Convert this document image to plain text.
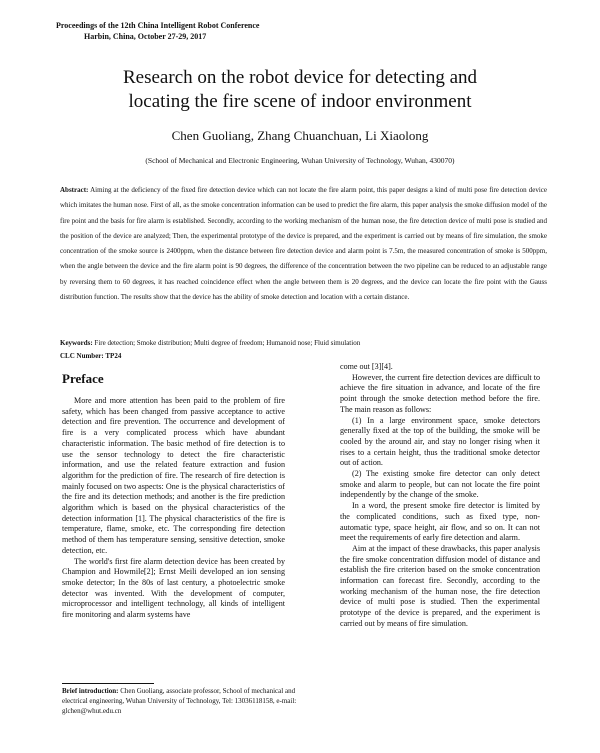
Proceedings of the 12th China Intelligent Robot Conference
Harbin, China, October 27-29, 2017
Research on the robot device for detecting and
locating the fire scene of indoor environment
Chen Guoliang, Zhang Chuanchuan, Li Xiaolong
(School of Mechanical and Electronic Engineering, Wuhan University of Technology, Wuhan, 430070)
Abstract: Aiming at the deficiency of the fixed fire detection device which can not locate the fire alarm point, this paper designs a kind of multi pose fire detection device which imitates the human nose. First of all, as the smoke concentration information can be used to predict the fire alarm, this paper analysis the smoke diffusion model of the fire point and the basis for fire alarm is established. Secondly, according to the working mechanism of the human nose, the fire detection device of multi pose is studied and the position of the device are analyzed; Then, the experimental prototype of the device is prepared, and the experiment is carried out by means of fire simulation, the smoke concentration of the smoke source is 2400ppm, when the distance between fire detection device and alarm point is 7.5m, the measured concentration of smoke is 500ppm, when the angle between the device and the fire alarm point is 90 degrees, the difference of the concentration between the two pipeline can be reduced to an adjustable range by reversing them to 60 degrees, it has reached coincidence effect when the angle between them is 20 degrees, and the device can locate the fire point with the Gauss distribution function. The results show that the device has the ability of smoke detection and location with a certain distance.
Keywords: Fire detection; Smoke distribution; Multi degree of freedom; Humanoid nose; Fluid simulation
CLC Number: TP24
Preface

More and more attention has been paid to the problem of fire safety, which has been changed from passive acceptance to active detection and fire prevention. The occurrence and development of fire is a very complicated process which have abundant characteristic information. The basic method of fire detection is to use the sensor technology to detect the fire characteristic information, and use the related feature extraction and fusion algorithm for the prediction of fire. The research of fire detection is mainly focused on two aspects: One is the physical characteristics of the fire and its detection methods; and another is the fire prediction algorithm which is based on the physical characteristics of the detection information [1]. The physical characteristics of the fire is temperature, flame, smoke, etc. The corresponding fire detection method of them has temperature sensing, sensitive detection, smoke detection, etc.

The world's first fire alarm detection device has been created by Champion and Howmile[2]; Ernst Meili developed an ion sensing smoke detector; In the 80s of last century, a photoelectric smoke detector was invented. With the development of computer, microprocessor and intelligent technology, all kinds of intelligent fire monitoring and alarm systems have

come out [3][4].

However, the current fire detection devices are difficult to achieve the fire situation in advance, and locate of the fire point through the smoke detection method before the fire. The main reason as follows:

(1) In a large environment space, smoke detectors generally fixed at the top of the building, the smoke will be cooled by the around air, and stay no longer rising when it rises to a certain height, thus the traditional smoke detector out of action.

(2) The existing smoke fire detector can only detect smoke and alarm to people, but can not locate the fire point independently by the change of the smoke.

In a word, the present smoke fire detector is limited by the complicated conditions, such as fixed type, non-automatic type, space height, air flow, and so on. It can not meet the requirements of early fire detection and alarm.

Aim at the impact of these drawbacks, this paper analysis the fire smoke concentration diffusion model of distance and establish the fire criterion based on the smoke concentration information can forecast fire. Secondly, according to the working mechanism of the human nose, the fire detection device of multi pose is studied. Then the experimental prototype of the device is prepared, and the experiment is carried out by means of fire simulation.

Brief introduction: Chen Guoliang, associate professor, School of mechanical and electrical engineering, Wuhan University of Technology, Tel: 13036118158, e-mail: glchen@whut.edu.cn
